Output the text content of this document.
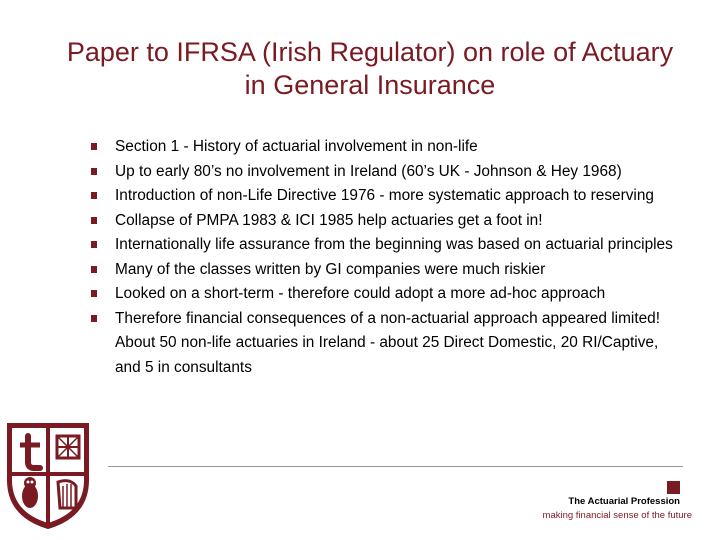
Paper to IFRSA (Irish Regulator) on role of Actuary in General Insurance
Section 1 - History of actuarial involvement in non-life
Up to early 80’s no involvement in Ireland (60’s UK - Johnson & Hey 1968)
Introduction of non-Life Directive 1976 - more systematic approach to reserving
Collapse of PMPA 1983 & ICI 1985 help actuaries get a foot in!
Internationally life assurance from the beginning was based on actuarial principles
Many of the classes written by GI companies were much riskier
Looked on a short-term - therefore could adopt a more ad-hoc approach
Therefore financial consequences of a non-actuarial approach appeared limited!
About 50 non-life actuaries in Ireland - about 25 Direct Domestic, 20 RI/Captive, and 5 in consultants
The Actuarial Profession
making financial sense of the future
